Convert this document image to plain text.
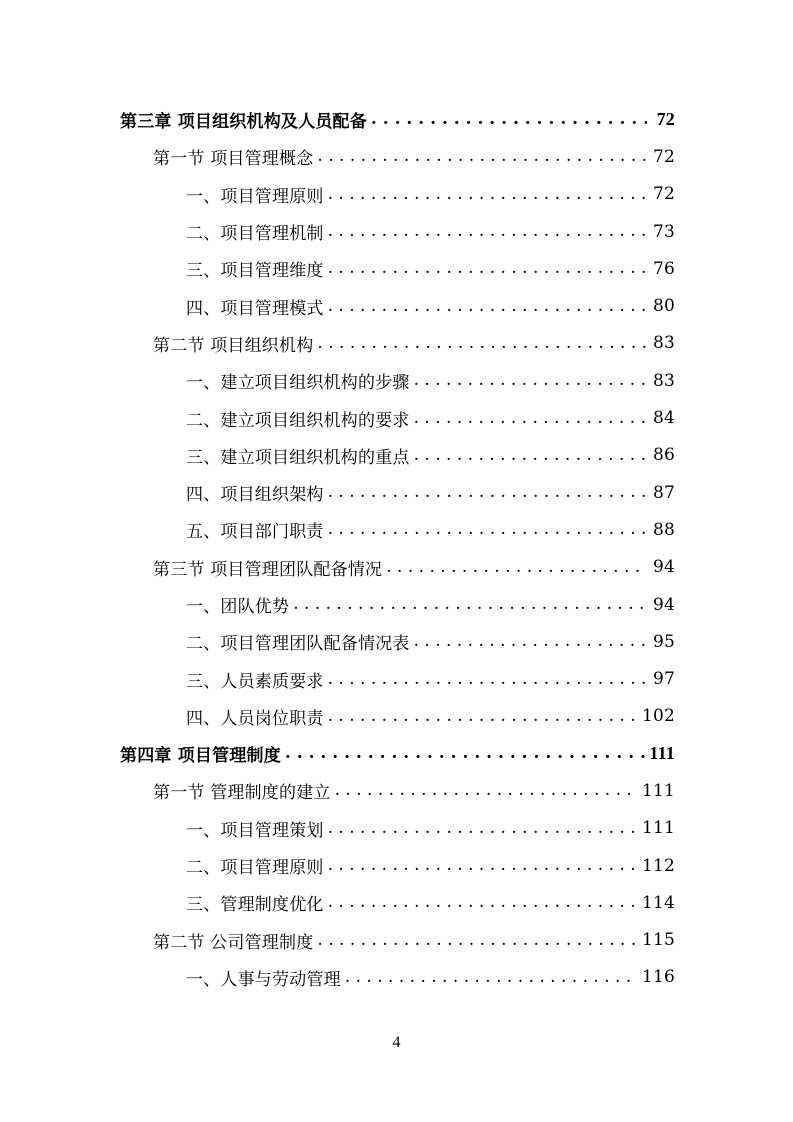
第三章 项目组织机构及人员配备 . . .	72
第一节 项目管理概念 . . .	72
一、项目管理原则 . . .	72
二、项目管理机制 . . .	73
三、项目管理维度 . . .	76
四、项目管理模式 . . .	80
第二节 项目组织机构 . . .	83
一、建立项目组织机构的步骤 . . .	83
二、建立项目组织机构的要求 . . .	84
三、建立项目组织机构的重点 . . .	86
四、项目组织架构 . . .	87
五、项目部门职责 . . .	88
第三节 项目管理团队配备情况 . . .	94
一、团队优势 . . .	94
二、项目管理团队配备情况表 . . .	95
三、人员素质要求 . . .	97
四、人员岗位职责 . . .	102
第四章 项目管理制度 . . .	111
第一节 管理制度的建立 . . .	111
一、项目管理策划 . . .	111
二、项目管理原则 . . .	112
三、管理制度优化 . . .	114
第二节 公司管理制度 . . .	115
一、人事与劳动管理 . . .	116
4
